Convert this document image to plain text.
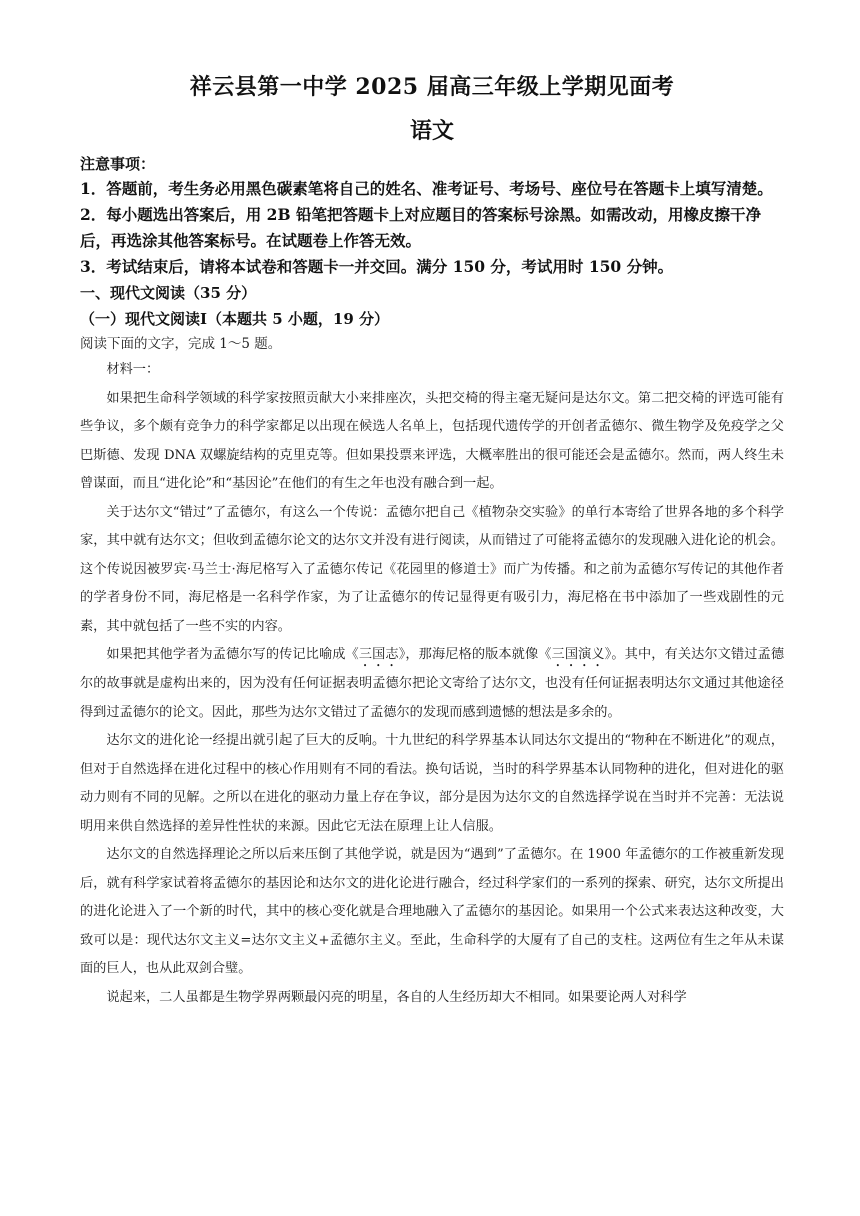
祥云县第一中学 2025 届高三年级上学期见面考
语文

注意事项：

1．答题前，考生务必用黑色碳素笔将自己的姓名、准考证号、考场号、座位号在答题卡上填写清楚。

2．每小题选出答案后，用 2B 铅笔把答题卡上对应题目的答案标号涂黑。如需改动，用橡皮擦干净后，再选涂其他答案标号。在试题卷上作答无效。

3．考试结束后，请将本试卷和答题卡一并交回。满分 150 分，考试用时 150 分钟。

一、现代文阅读（35 分）

（一）现代文阅读Ⅰ（本题共 5 小题，19 分）

阅读下面的文字，完成 1～5 题。

材料一：

如果把生命科学领域的科学家按照贡献大小来排座次，头把交椅的得主毫无疑问是达尔文。第二把交椅的评选可能有些争议，多个颇有竞争力的科学家都足以出现在候选人名单上，包括现代遗传学的开创者孟德尔、微生物学及免疫学之父巴斯德、发现 DNA 双螺旋结构的克里克等。但如果投票来评选，大概率胜出的很可能还会是孟德尔。然而，两人终生未曾谋面，而且“进化论”和“基因论”在他们的有生之年也没有融合到一起。

关于达尔文“错过”了孟德尔，有这么一个传说：孟德尔把自己《植物杂交实验》的单行本寄给了世界各地的多个科学家，其中就有达尔文；但收到孟德尔论文的达尔文并没有进行阅读，从而错过了可能将孟德尔的发现融入进化论的机会。这个传说因被罗宾·马兰士·海尼格写入了孟德尔传记《花园里的修道士》而广为传播。和之前为孟德尔写传记的其他作者的学者身份不同，海尼格是一名科学作家，为了让孟德尔的传记显得更有吸引力，海尼格在书中添加了一些戏剧性的元素，其中就包括了一些不实的内容。

如果把其他学者为孟德尔写的传记比喻成《三国志》，那海尼格的版本就像《三国演义》。其中，有关达尔文错过孟德尔的故事就是虚构出来的，因为没有任何证据表明孟德尔把论文寄给了达尔文，也没有任何证据表明达尔文通过其他途径得到过孟德尔的论文。因此，那些为达尔文错过了孟德尔的发现而感到遗憾的想法是多余的。

达尔文的进化论一经提出就引起了巨大的反响。十九世纪的科学界基本认同达尔文提出的“物种在不断进化”的观点，但对于自然选择在进化过程中的核心作用则有不同的看法。换句话说，当时的科学界基本认同物种的进化，但对进化的驱动力则有不同的见解。之所以在进化的驱动力量上存在争议，部分是因为达尔文的自然选择学说在当时并不完善：无法说明用来供自然选择的差异性性状的来源。因此它无法在原理上让人信服。

达尔文的自然选择理论之所以后来压倒了其他学说，就是因为“遇到”了孟德尔。在 1900 年孟德尔的工作被重新发现后，就有科学家试着将孟德尔的基因论和达尔文的进化论进行融合，经过科学家们的一系列的探索、研究，达尔文所提出的进化论进入了一个新的时代，其中的核心变化就是合理地融入了孟德尔的基因论。如果用一个公式来表达这种改变，大致可以是：现代达尔文主义=达尔文主义+孟德尔主义。至此，生命科学的大厦有了自己的支柱。这两位有生之年从未谋面的巨人，也从此双剑合璧。

说起来，二人虽都是生物学界两颗最闪亮的明星，各自的人生经历却大不相同。如果要论两人对科学
